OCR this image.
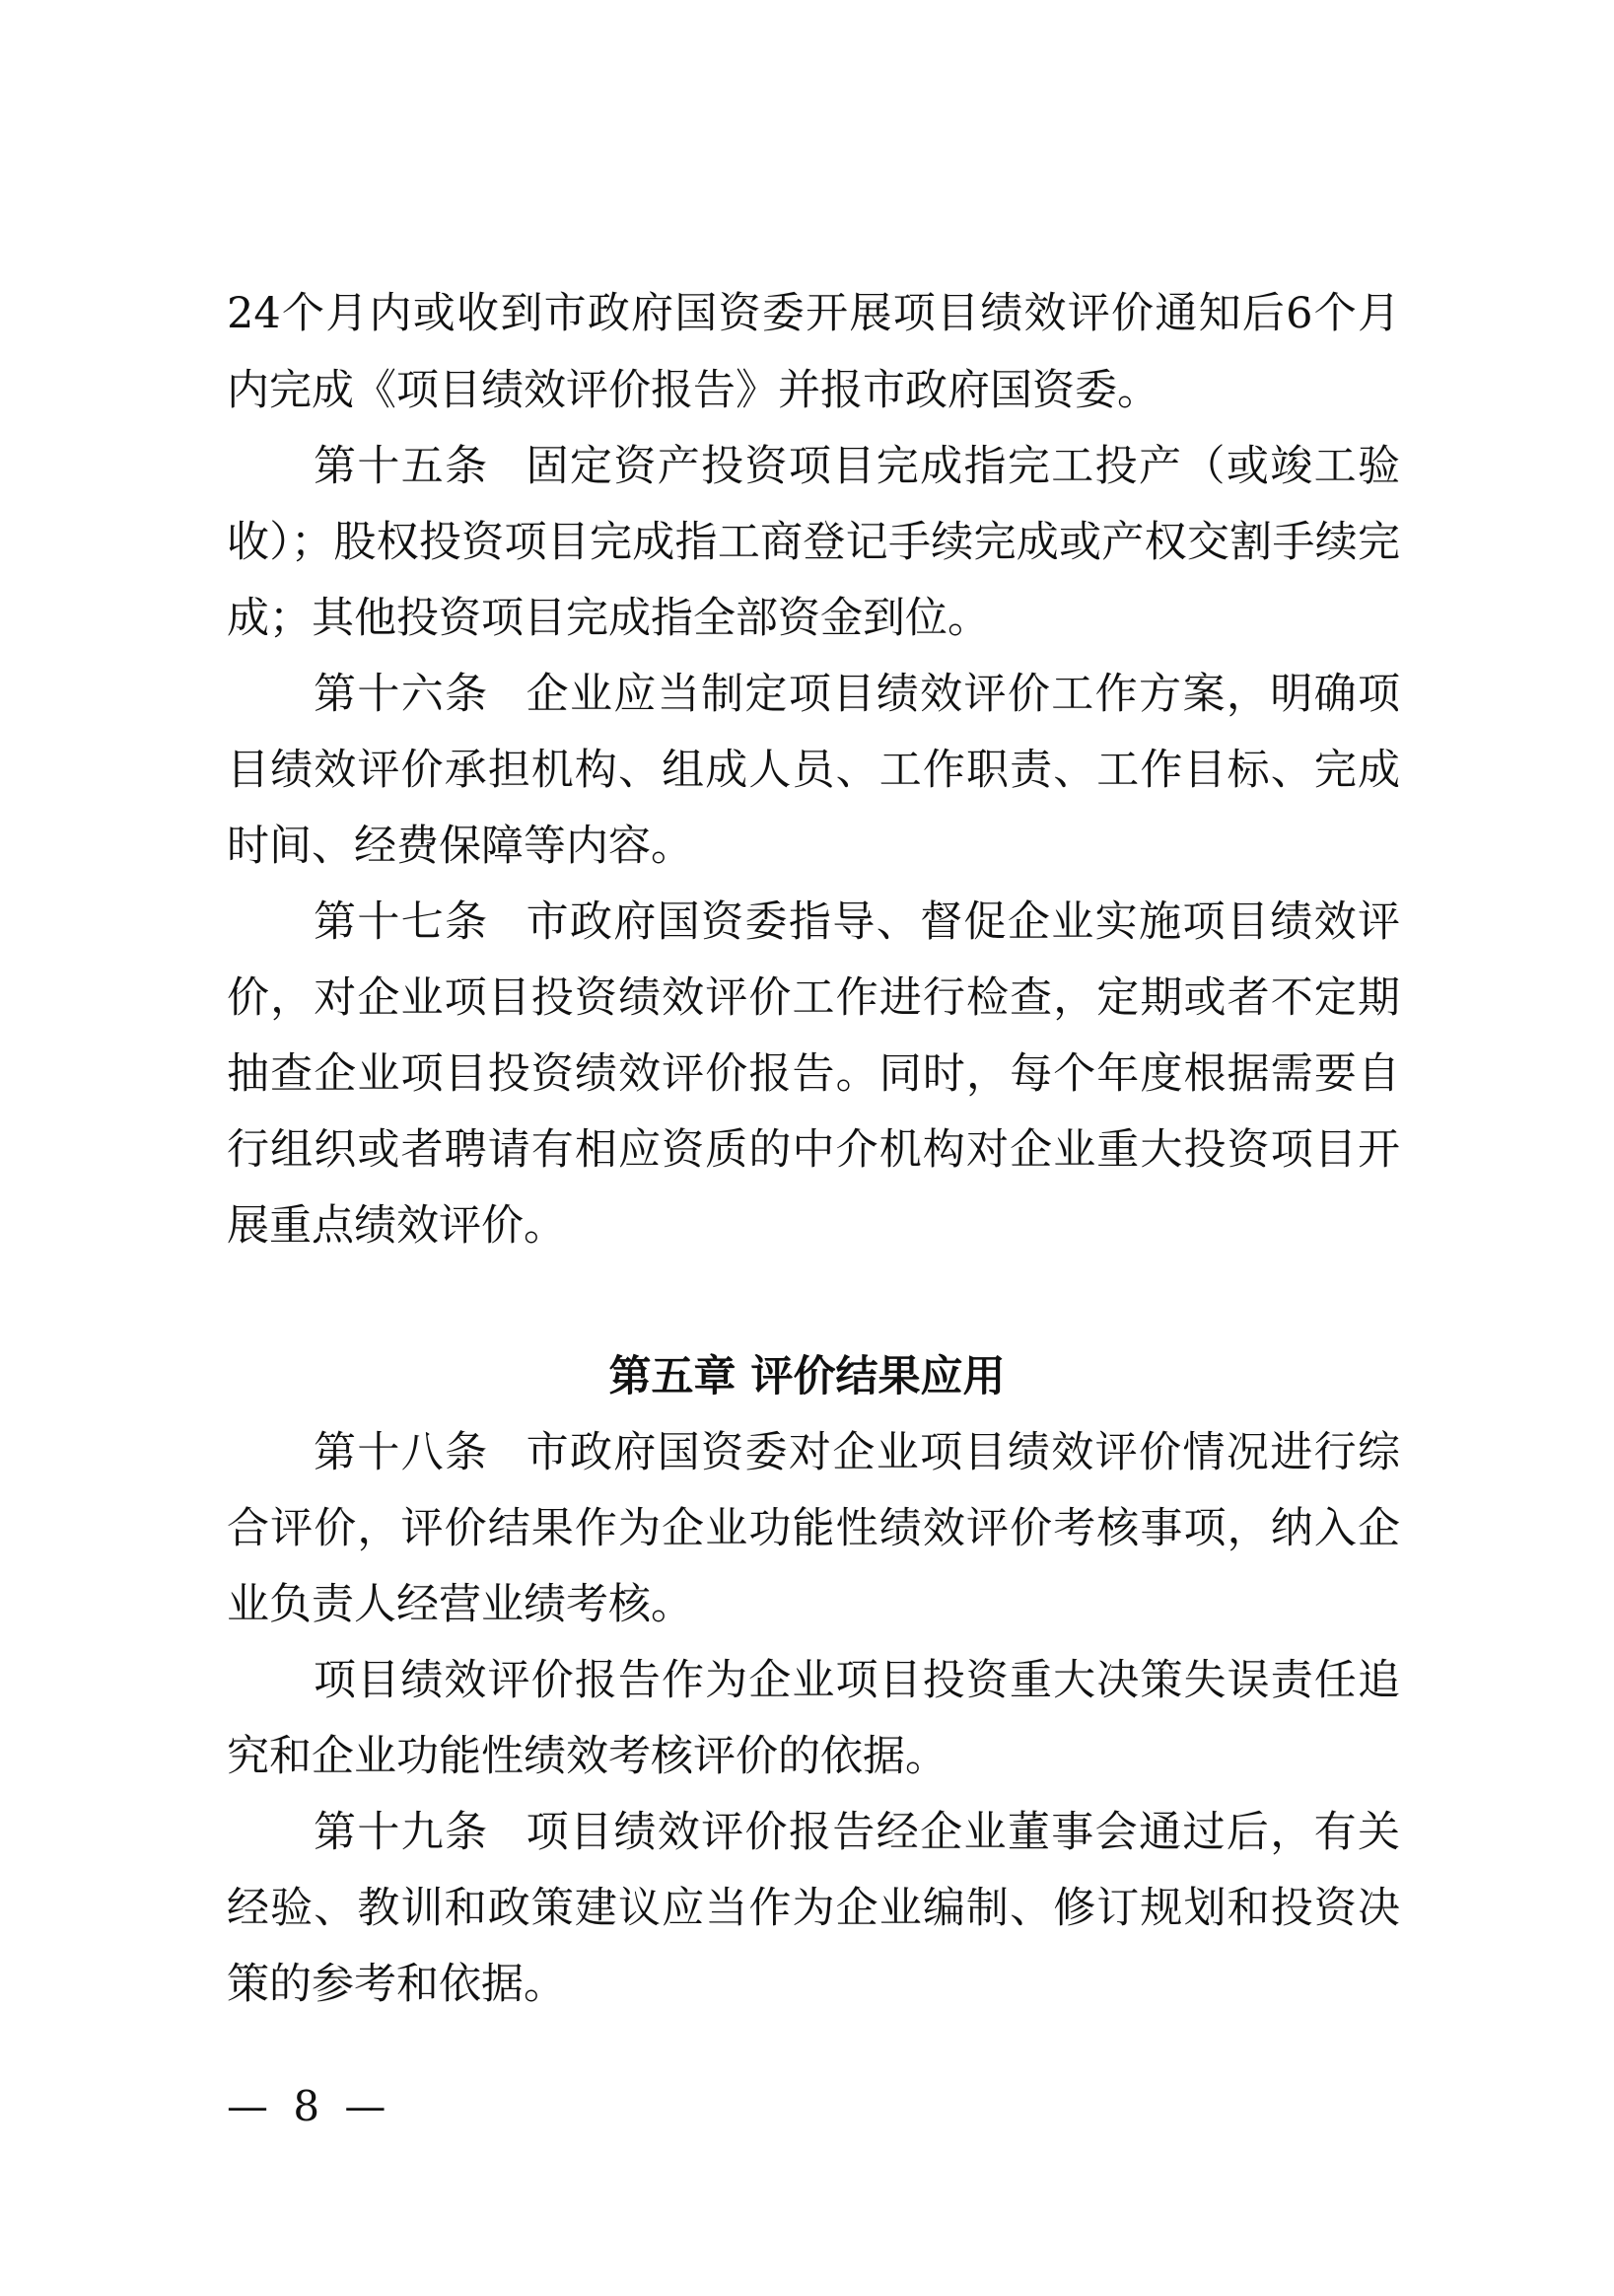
24个月内或收到市政府国资委开展项目绩效评价通知后6个月
内完成《项目绩效评价报告》并报市政府国资委。
第十五条 固定资产投资项目完成指完工投产（或竣工验
收）；股权投资项目完成指工商登记手续完成或产权交割手续完
成；其他投资项目完成指全部资金到位。
第十六条 企业应当制定项目绩效评价工作方案，明确项
目绩效评价承担机构、组成人员、工作职责、工作目标、完成
时间、经费保障等内容。
第十七条 市政府国资委指导、督促企业实施项目绩效评
价，对企业项目投资绩效评价工作进行检查，定期或者不定期
抽查企业项目投资绩效评价报告。同时，每个年度根据需要自
行组织或者聘请有相应资质的中介机构对企业重大投资项目开
展重点绩效评价。
第五章 评价结果应用
第十八条 市政府国资委对企业项目绩效评价情况进行综
合评价，评价结果作为企业功能性绩效评价考核事项，纳入企
业负责人经营业绩考核。
项目绩效评价报告作为企业项目投资重大决策失误责任追
究和企业功能性绩效考核评价的依据。
第十九条 项目绩效评价报告经企业董事会通过后，有关
经验、教训和政策建议应当作为企业编制、修订规划和投资决
策的参考和依据。
— 8 —
